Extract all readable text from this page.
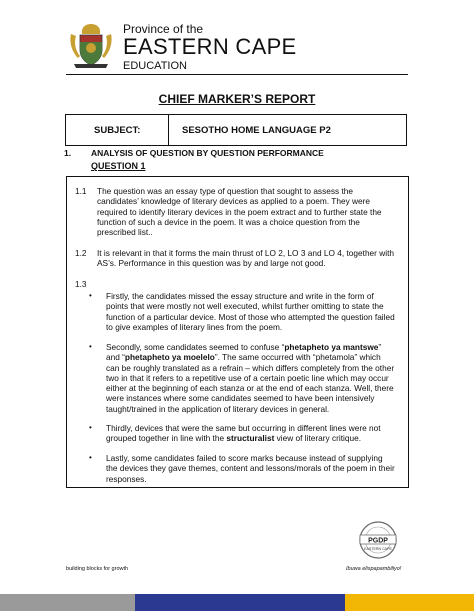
Province of the
EASTERN CAPE
EDUCATION
CHIEF MARKER’S REPORT
SUBJECT:	SESOTHO HOME LANGUAGE P2
1. ANALYSIS OF QUESTION BY QUESTION PERFORMANCE
QUESTION 1
1.1 The question was an essay type of question that sought to assess the candidates’ knowledge of literary devices as applied to a poem. They were required to identify literary devices in the poem extract and to further state the function of such a device in the poem. It was a choice question from the prescribed list..
1.2 It is relevant in that it forms the main thrust of LO 2, LO 3 and LO 4, together with AS’s. Performance in this question was by and large not good.
1.3
• Firstly, the candidates missed the essay structure and write in the form of points that were mostly not well executed, whilst further omitting to state the function of a particular device. Most of those who attempted the question failed to give examples of literary lines from the poem.
• Secondly, some candidates seemed to confuse “phetapheto ya mantswe” and “phetapheto ya moelelo”. The same occurred with “phetamola” which can be roughly translated as a refrain – which differs completely from the other two in that it refers to a repetitive use of a certain poetic line which may occur either at the beginning of each stanza or at the end of each stanza. Well, there were instances where some candidates seemed to have been intensively taught/trained in the application of literary devices in general.
• Thirdly, devices that were the same but occurring in different lines were not grouped together in line with the structuralist view of literary critique.
• Lastly, some candidates failed to score marks because instead of supplying the devices they gave themes, content and lessons/morals of the poem in their responses.
PGDP
EASTERN CAPE
building blocks for growth	Ibuwa elispapambiliyo!
